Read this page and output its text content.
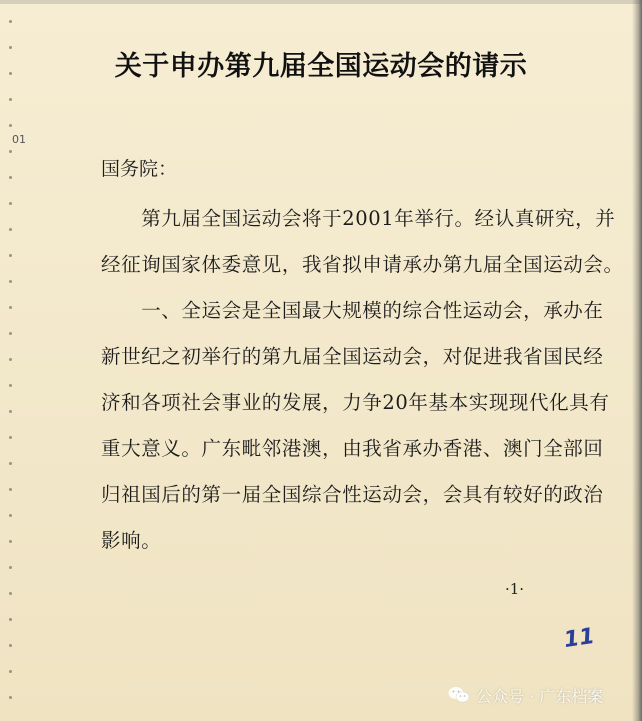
01
关于申办第九届全国运动会的请示
国务院：
　　第九届全国运动会将于2001年举行。经认真研究，并
经征询国家体委意见，我省拟申请承办第九届全国运动会。
　　一、全运会是全国最大规模的综合性运动会，承办在
新世纪之初举行的第九届全国运动会，对促进我省国民经
济和各项社会事业的发展，力争20年基本实现现代化具有
重大意义。广东毗邻港澳，由我省承办香港、澳门全部回
归祖国后的第一届全国综合性运动会，会具有较好的政治
影响。
·1·
11
公众号 · 广东档案
